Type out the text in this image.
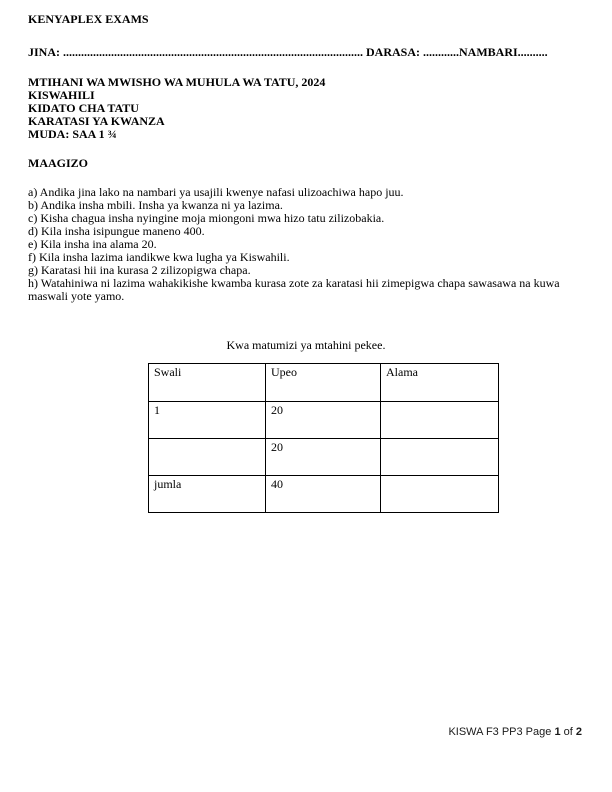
KENYAPLEX EXAMS
JINA: .................................................................................................... DARASA: ............NAMBARI..........
MTIHANI WA MWISHO WA MUHULA WA TATU, 2024
KISWAHILI
KIDATO CHA TATU
KARATASI YA KWANZA
MUDA: SAA 1 ¾
MAAGIZO
a) Andika jina lako na nambari ya usajili kwenye nafasi ulizoachiwa hapo juu.
b) Andika insha mbili. Insha ya kwanza ni ya lazima.
c) Kisha chagua insha nyingine moja miongoni mwa hizo tatu zilizobakia.
d) Kila insha isipungue maneno 400.
e) Kila insha ina alama 20.
f) Kila insha lazima iandikwe kwa lugha ya Kiswahili.
g) Karatasi hii ina kurasa 2 zilizopigwa chapa.
h) Watahiniwa ni lazima wahakikishe kwamba kurasa zote za karatasi hii zimepigwa chapa sawasawa na kuwa maswali yote yamo.
Kwa matumizi ya mtahini pekee.
Swali	Upeo	Alama
1	20	
	20	
jumla	40	
KISWA F3 PP3 Page 1 of 2
